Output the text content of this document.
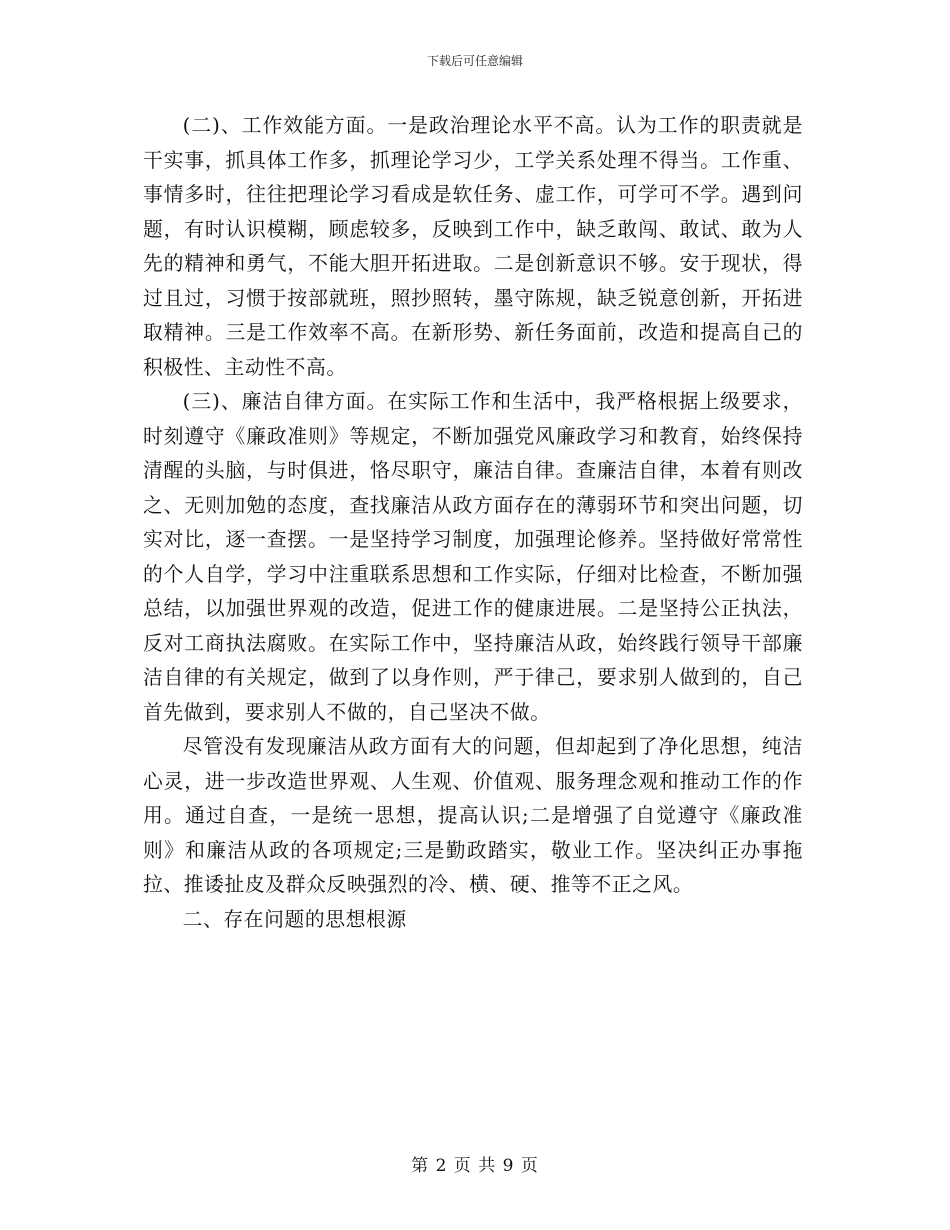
下载后可任意编辑

(二)、工作效能方面。一是政治理论水平不高。认为工作的职责就是干实事，抓具体工作多，抓理论学习少，工学关系处理不得当。工作重、事情多时，往往把理论学习看成是软任务、虚工作，可学可不学。遇到问题，有时认识模糊，顾虑较多，反映到工作中，缺乏敢闯、敢试、敢为人先的精神和勇气，不能大胆开拓进取。二是创新意识不够。安于现状，得过且过，习惯于按部就班，照抄照转，墨守陈规，缺乏锐意创新，开拓进取精神。三是工作效率不高。在新形势、新任务面前，改造和提高自己的积极性、主动性不高。

(三)、廉洁自律方面。在实际工作和生活中，我严格根据上级要求，时刻遵守《廉政准则》等规定，不断加强党风廉政学习和教育，始终保持清醒的头脑，与时俱进，恪尽职守，廉洁自律。查廉洁自律，本着有则改之、无则加勉的态度，查找廉洁从政方面存在的薄弱环节和突出问题，切实对比，逐一查摆。一是坚持学习制度，加强理论修养。坚持做好常常性的个人自学，学习中注重联系思想和工作实际，仔细对比检查，不断加强总结，以加强世界观的改造，促进工作的健康进展。二是坚持公正执法，反对工商执法腐败。在实际工作中，坚持廉洁从政，始终践行领导干部廉洁自律的有关规定，做到了以身作则，严于律己，要求别人做到的，自己首先做到，要求别人不做的，自己坚决不做。

尽管没有发现廉洁从政方面有大的问题，但却起到了净化思想，纯洁心灵，进一步改造世界观、人生观、价值观、服务理念观和推动工作的作用。通过自查，一是统一思想，提高认识;二是增强了自觉遵守《廉政准则》和廉洁从政的各项规定;三是勤政踏实，敬业工作。坚决纠正办事拖拉、推诿扯皮及群众反映强烈的冷、横、硬、推等不正之风。

二、存在问题的思想根源

第 2 页 共 9 页
